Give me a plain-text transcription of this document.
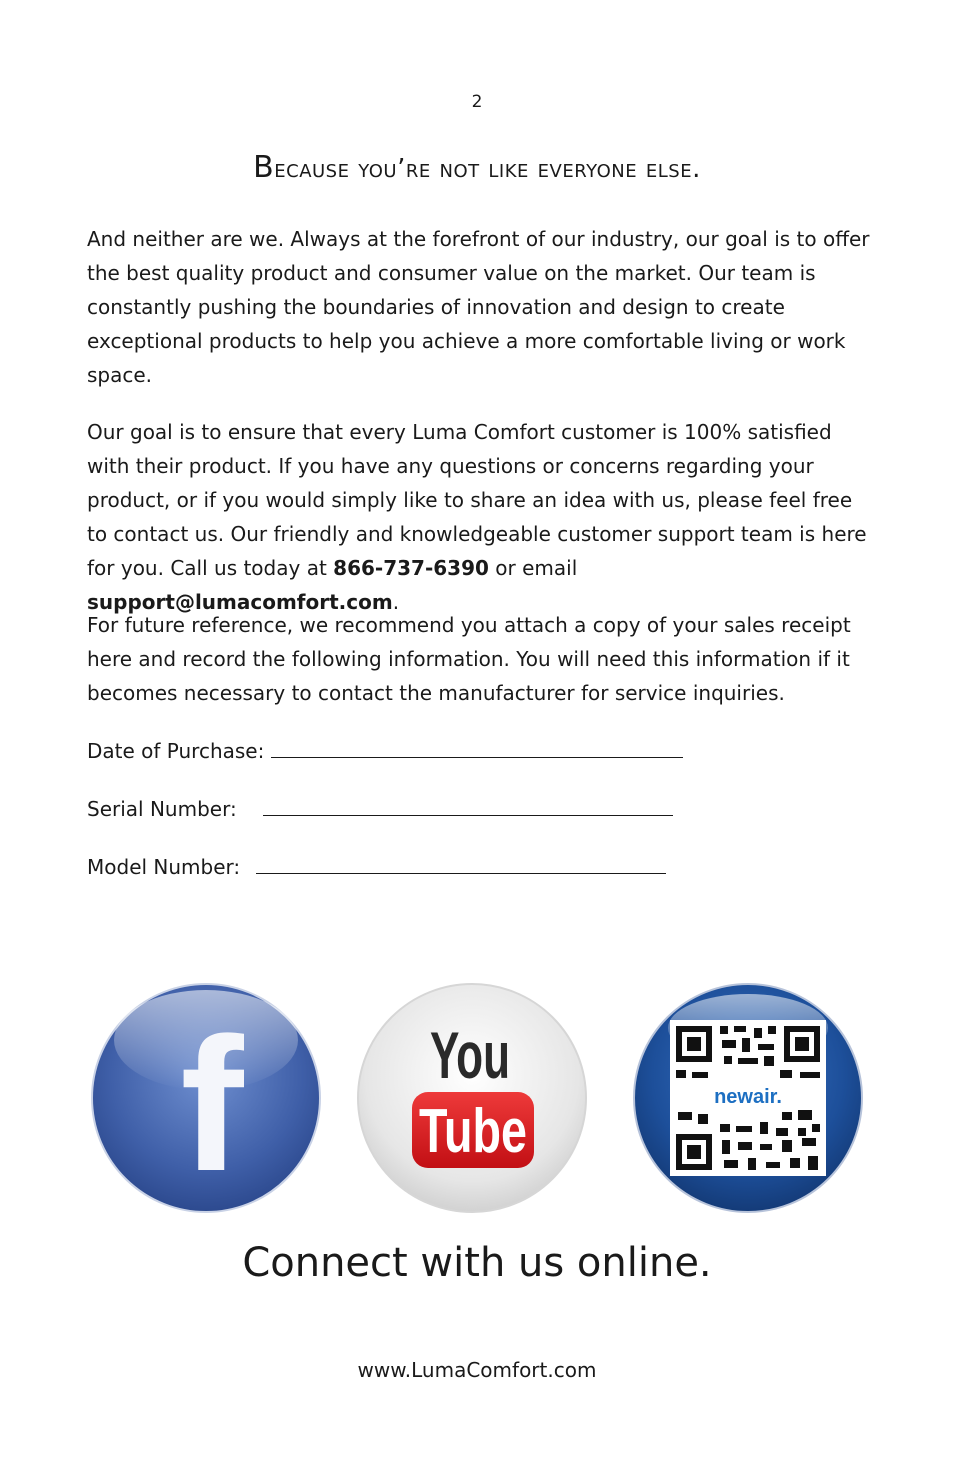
2
Because you’re not like everyone else.

And neither are we. Always at the forefront of our industry, our goal is to offer the best quality product and consumer value on the market. Our team is constantly pushing the boundaries of innovation and design to create exceptional products to help you achieve a more comfortable living or work space.

Our goal is to ensure that every Luma Comfort customer is 100% satisfied with their product. If you have any questions or concerns regarding your product, or if you would simply like to share an idea with us, please feel free to contact us. Our friendly and knowledgeable customer support team is here for you. Call us today at 866-737-6390 or email support@lumacomfort.com.

For future reference, we recommend you attach a copy of your sales receipt here and record the following information. You will need this information if it becomes necessary to contact the manufacturer for service inquiries.

Date of Purchase:
Serial Number:
Model Number:
f	You
Tube	newair.
Connect with us online.
www.LumaComfort.com
